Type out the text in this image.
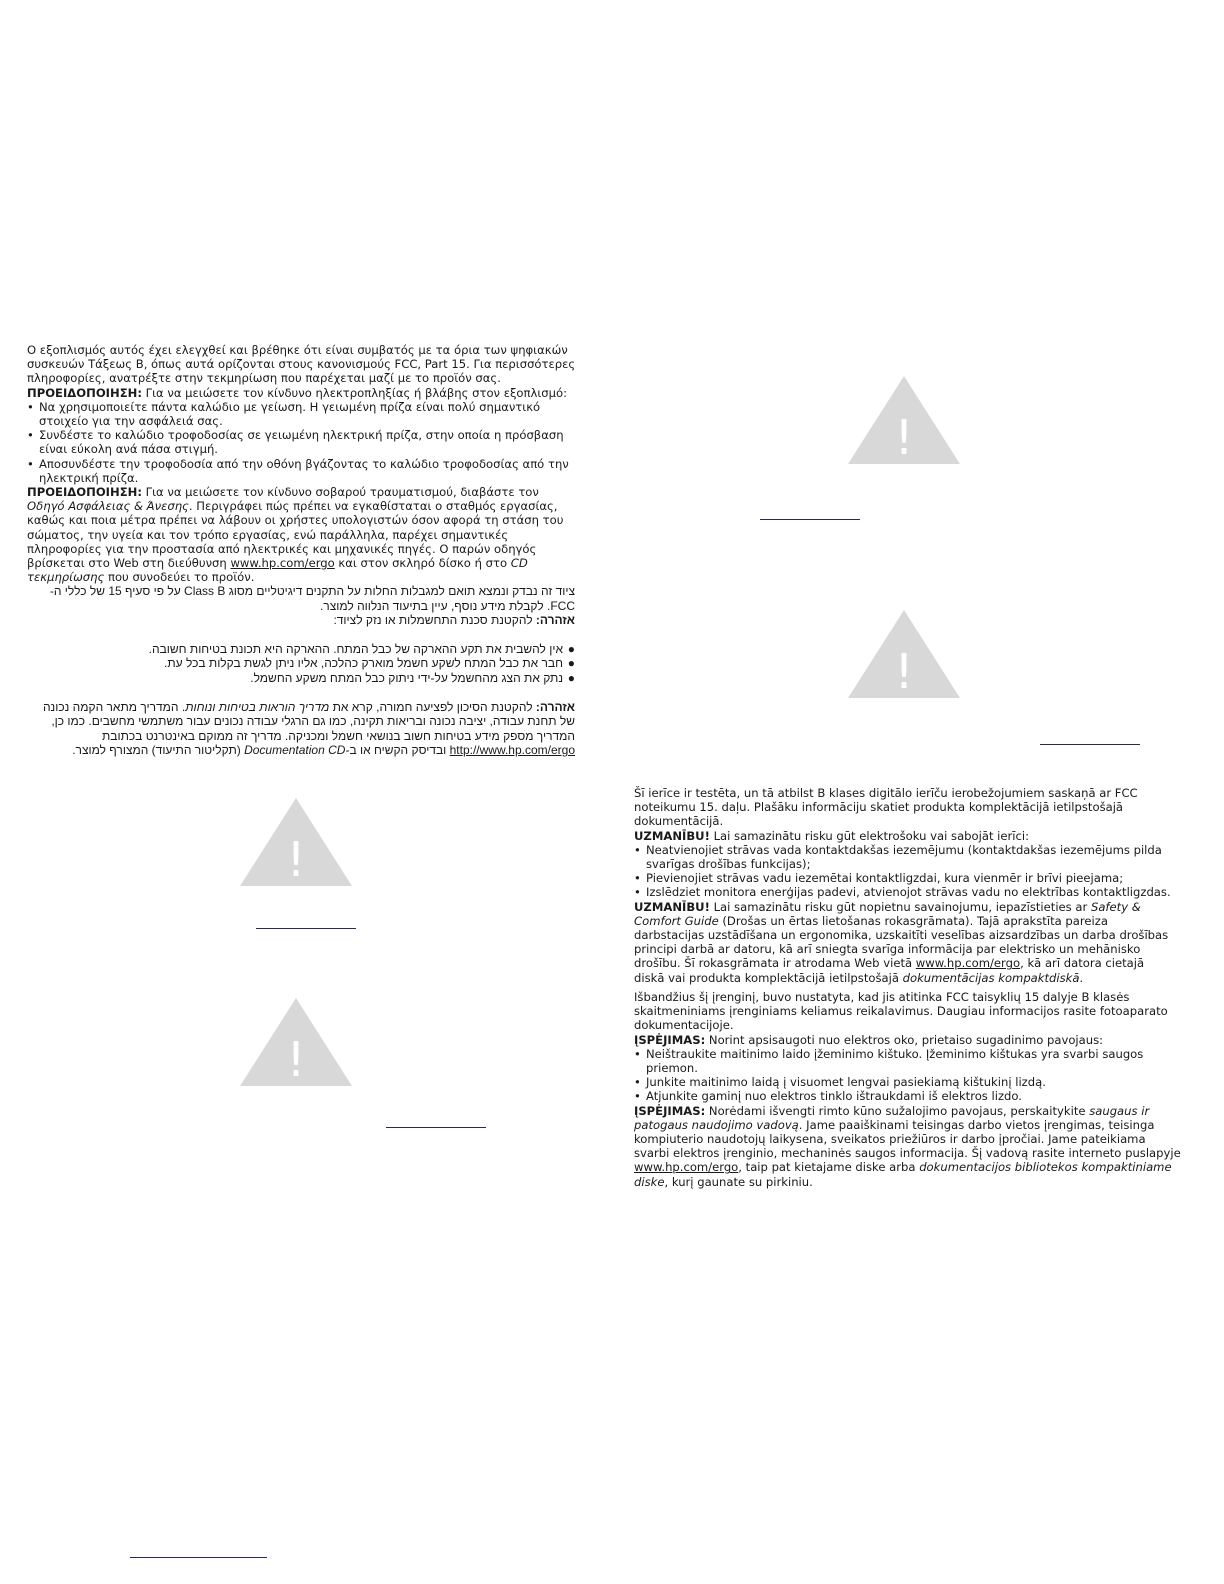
Ο εξοπλισμός αυτός έχει ελεγχθεί και βρέθηκε ότι είναι συμβατός με τα όρια των ψηφιακών συσκευών Τάξεως B, όπως αυτά ορίζονται στους κανονισμούς FCC, Part 15. Για περισσότερες πληροφορίες, ανατρέξτε στην τεκμηρίωση που παρέχεται μαζί με το προϊόν σας.

ΠΡΟΕΙΔΟΠΟΙΗΣΗ: Για να μειώσετε τον κίνδυνο ηλεκτροπληξίας ή βλάβης στον εξοπλισμό:

• Να χρησιμοποιείτε πάντα καλώδιο με γείωση. Η γειωμένη πρίζα είναι πολύ σημαντικό στοιχείο για την ασφάλειά σας.
• Συνδέστε το καλώδιο τροφοδοσίας σε γειωμένη ηλεκτρική πρίζα, στην οποία η πρόσβαση είναι εύκολη ανά πάσα στιγμή.
• Αποσυνδέστε την τροφοδοσία από την οθόνη βγάζοντας το καλώδιο τροφοδοσίας από την ηλεκτρική πρίζα.

ΠΡΟΕΙΔΟΠΟΙΗΣΗ: Για να μειώσετε τον κίνδυνο σοβαρού τραυματισμού, διαβάστε τον Οδηγό Ασφάλειας & Άνεσης. Περιγράφει πώς πρέπει να εγκαθίσταται ο σταθμός εργασίας, καθώς και ποια μέτρα πρέπει να λάβουν οι χρήστες υπολογιστών όσον αφορά τη στάση του σώματος, την υγεία και τον τρόπο εργασίας, ενώ παράλληλα, παρέχει σημαντικές πληροφορίες για την προστασία από ηλεκτρικές και μηχανικές πηγές. Ο παρών οδηγός βρίσκεται στο Web στη διεύθυνση www.hp.com/ergo και στον σκληρό δίσκο ή στο CD τεκμηρίωσης που συνοδεύει το προϊόν.

ציוד זה נבדק ונמצא תואם למגבלות החלות על התקנים דיגיטליים מסוג Class B על פי סעיף 15 של כללי ה-FCC. לקבלת מידע נוסף, עיין בתיעוד הנלווה למוצר.

אזהרה: להקטנת סכנת התחשמלות או נזק לציוד:

●אין להשבית את תקע ההארקה של כבל המתח. ההארקה היא תכונת בטיחות חשובה.
●חבר את כבל המתח לשקע חשמל מוארק כהלכה, אליו ניתן לגשת בקלות בכל עת.
●נתק את הצג מהחשמל על-ידי ניתוק כבל המתח משקע החשמל.

אזהרה: להקטנת הסיכון לפציעה חמורה, קרא את מדריך הוראות בטיחות ונוחות. המדריך מתאר הקמה נכונה של תחנת עבודה, יציבה נכונה ובריאות תקינה, כמו גם הרגלי עבודה נכונים עבור משתמשי מחשבים. כמו כן, המדריך מספק מידע בטיחות חשוב בנושאי חשמל ומכניקה. מדריך זה ממוקם באינטרנט בכתובת http://www.hp.com/ergo ובדיסק הקשיח או ב-Documentation CD (תקליטור התיעוד) המצורף למוצר.

Šī ierīce ir testēta, un tā atbilst B klases digitālo ierīču ierobežojumiem saskaņā ar FCC noteikumu 15. daļu. Plašāku informāciju skatiet produkta komplektācijā ietilpstošajā dokumentācijā.

UZMANĪBU! Lai samazinātu risku gūt elektrošoku vai sabojāt ierīci:

• Neatvienojiet strāvas vada kontaktdakšas iezemējumu (kontaktdakšas iezemējums pilda svarīgas drošības funkcijas);
• Pievienojiet strāvas vadu iezemētai kontaktligzdai, kura vienmēr ir brīvi pieejama;
• Izslēdziet monitora enerģijas padevi, atvienojot strāvas vadu no elektrības kontaktligzdas.

UZMANĪBU! Lai samazinātu risku gūt nopietnu savainojumu, iepazīstieties ar Safety & Comfort Guide (Drošas un ērtas lietošanas rokasgrāmata). Tajā aprakstīta pareiza darbstacijas uzstādīšana un ergonomika, uzskaitīti veselības aizsardzības un darba drošības principi darbā ar datoru, kā arī sniegta svarīga informācija par elektrisko un mehānisko drošību. Šī rokasgrāmata ir atrodama Web vietā www.hp.com/ergo, kā arī datora cietajā diskā vai produkta komplektācijā ietilpstošajā dokumentācijas kompaktdiskā.

Išbandžius šį įrenginį, buvo nustatyta, kad jis atitinka FCC taisyklių 15 dalyje B klasės skaitmeniniams įrenginiams keliamus reikalavimus. Daugiau informacijos rasite fotoaparato dokumentacijoje.

ĮSPĖJIMAS: Norint apsisaugoti nuo elektros oko, prietaiso sugadinimo pavojaus:

• Neištraukite maitinimo laido įžeminimo kištuko. Įžeminimo kištukas yra svarbi saugos priemon.
• Junkite maitinimo laidą į visuomet lengvai pasiekiamą kištukinį lizdą.
• Atjunkite gaminį nuo elektros tinklo ištraukdami iš elektros lizdo.

ĮSPĖJIMAS: Norėdami išvengti rimto kūno sužalojimo pavojaus, perskaitykite saugaus ir patogaus naudojimo vadovą. Jame paaiškinami teisingas darbo vietos įrengimas, teisinga kompiuterio naudotojų laikysena, sveikatos priežiūros ir darbo įpročiai. Jame pateikiama svarbi elektros įrenginio, mechaninės saugos informacija. Šį vadovą rasite interneto puslapyje www.hp.com/ergo, taip pat kietajame diske arba dokumentacijos bibliotekos kompaktiniame diske, kurį gaunate su pirkiniu.

!
!
!
!
